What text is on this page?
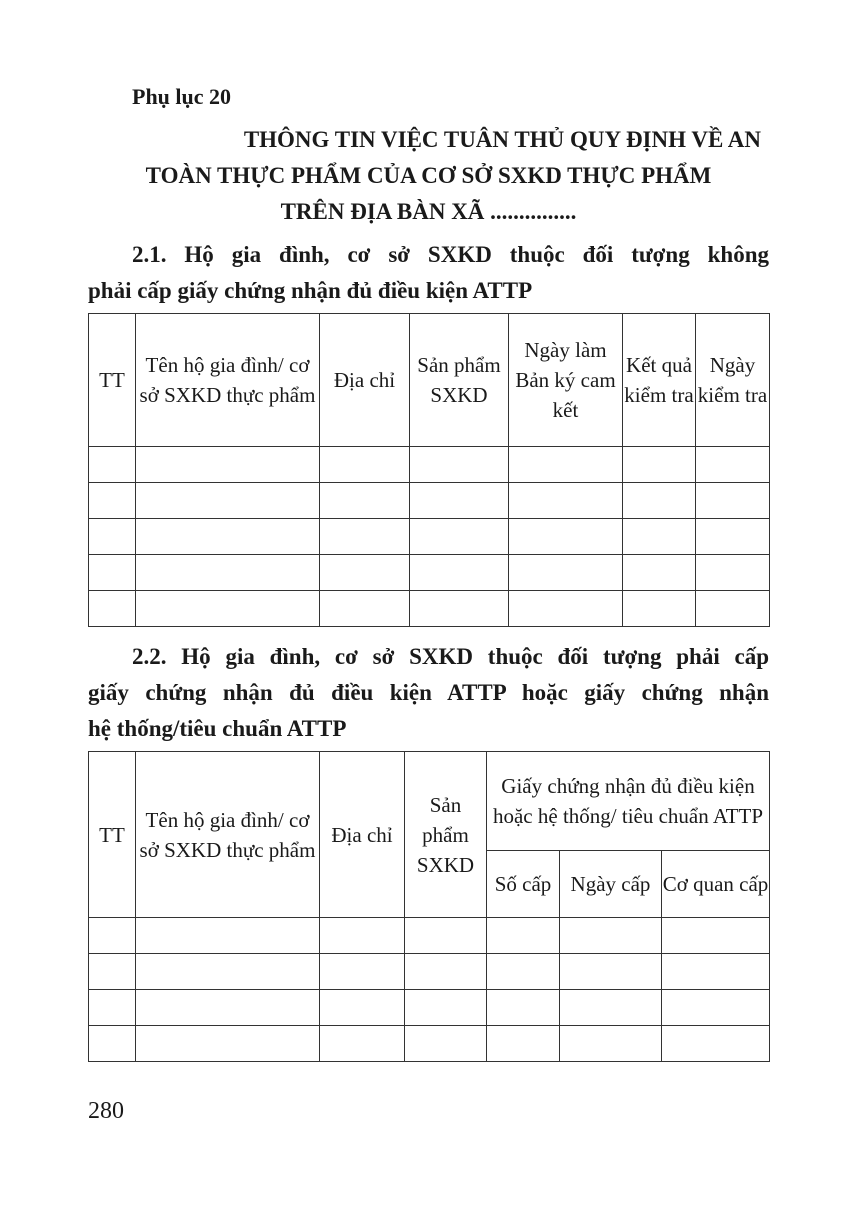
Phụ lục 20
THÔNG TIN VIỆC TUÂN THỦ QUY ĐỊNH VỀ AN
TOÀN THỰC PHẨM CỦA CƠ SỞ SXKD THỰC PHẨM
TRÊN ĐỊA BÀN XÃ ...............
2.1. Hộ gia đình, cơ sở SXKD thuộc đối tượng không
phải cấp giấy chứng nhận đủ điều kiện ATTP
TT	Tên hộ gia đình/ cơ sở SXKD thực phẩm	Địa chỉ	Sản phẩm SXKD	Ngày làm Bản ký cam kết	Kết quả kiểm tra	Ngày kiểm tra

2.2. Hộ gia đình, cơ sở SXKD thuộc đối tượng phải cấp
giấy chứng nhận đủ điều kiện ATTP hoặc giấy chứng nhận
hệ thống/tiêu chuẩn ATTP
TT	Tên hộ gia đình/ cơ sở SXKD thực phẩm	Địa chỉ	Sản phẩm SXKD	Giấy chứng nhận đủ điều kiện hoặc hệ thống/ tiêu chuẩn ATTP		
				Số cấp	Ngày cấp	Cơ quan cấp

280
